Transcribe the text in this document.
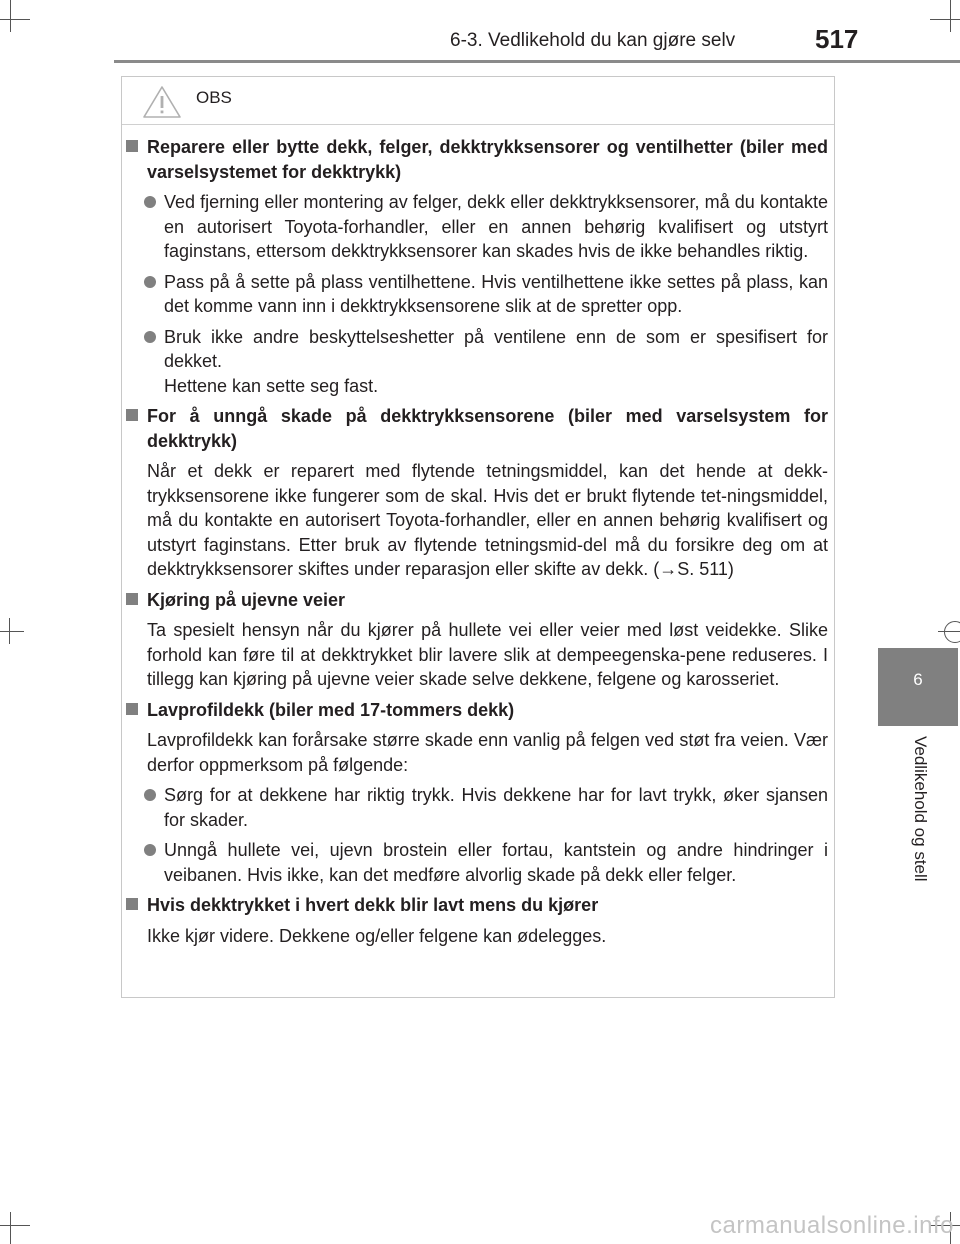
6-3. Vedlikehold du kan gjøre selv	517
6
Vedlikehold og stell
OBS
Reparere eller bytte dekk, felger, dekktrykksensorer og ventilhetter (biler med varselsystemet for dekktrykk)
Ved fjerning eller montering av felger, dekk eller dekktrykksensorer, må du kontakte en autorisert Toyota-forhandler, eller en annen behørig kvalifisert og utstyrt faginstans, ettersom dekktrykksensorer kan skades hvis de ikke behandles riktig.
Pass på å sette på plass ventilhettene. Hvis ventilhettene ikke settes på plass, kan det komme vann inn i dekktrykksensorene slik at de spretter opp.
Bruk ikke andre beskyttelseshetter på ventilene enn de som er spesifisert for dekket.
Hettene kan sette seg fast.
For å unngå skade på dekktrykksensorene (biler med varselsystem for dekktrykk)
Når et dekk er reparert med flytende tetningsmiddel, kan det hende at dekk-trykksensorene ikke fungerer som de skal. Hvis det er brukt flytende tet-ningsmiddel, må du kontakte en autorisert Toyota-forhandler, eller en annen behørig kvalifisert og utstyrt faginstans. Etter bruk av flytende tetningsmid-del må du forsikre deg om at dekktrykksensorer skiftes under reparasjon eller skifte av dekk. (→S. 511)
Kjøring på ujevne veier
Ta spesielt hensyn når du kjører på hullete vei eller veier med løst veidekke. Slike forhold kan føre til at dekktrykket blir lavere slik at dempeegenska-pene reduseres. I tillegg kan kjøring på ujevne veier skade selve dekkene, felgene og karosseriet.
Lavprofildekk (biler med 17-tommers dekk)
Lavprofildekk kan forårsake større skade enn vanlig på felgen ved støt fra veien. Vær derfor oppmerksom på følgende:
Sørg for at dekkene har riktig trykk. Hvis dekkene har for lavt trykk, øker sjansen for skader.
Unngå hullete vei, ujevn brostein eller fortau, kantstein og andre hindringer i veibanen. Hvis ikke, kan det medføre alvorlig skade på dekk eller felger.
Hvis dekktrykket i hvert dekk blir lavt mens du kjører
Ikke kjør videre. Dekkene og/eller felgene kan ødelegges.
carmanualsonline.info
